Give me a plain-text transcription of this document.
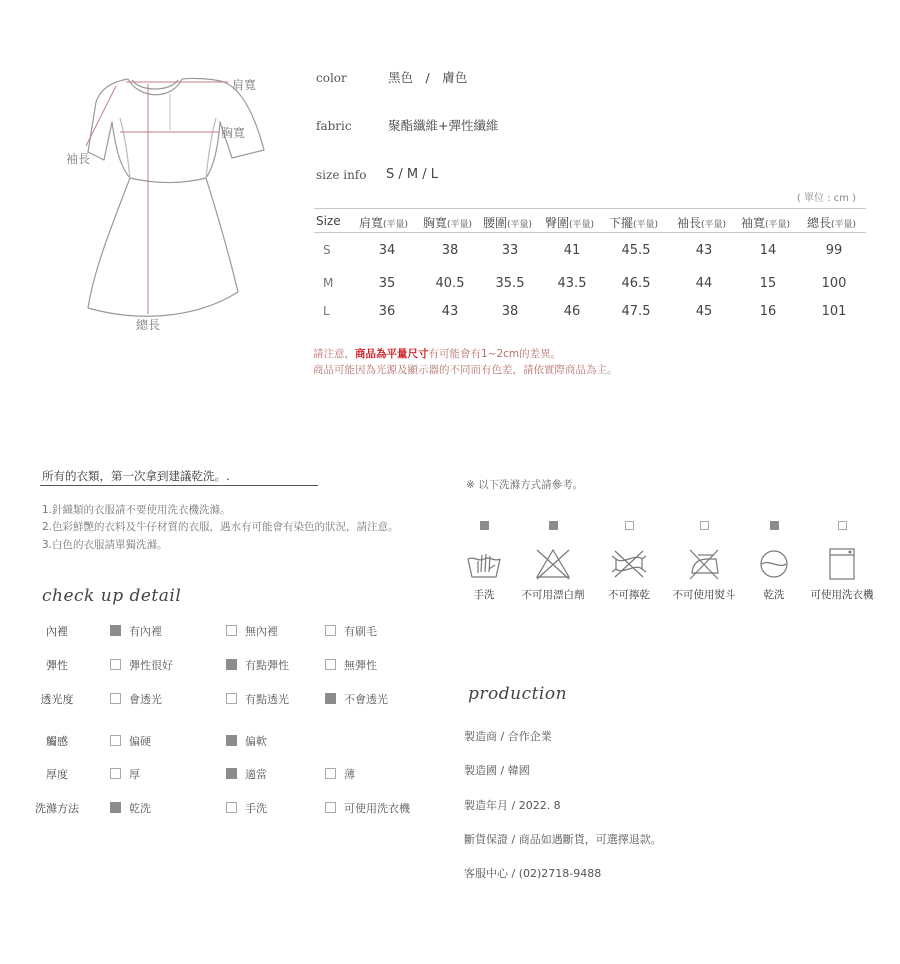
肩寬
胸寬
袖長
總長
color	黑色　/　膚色
fabric	聚酯纖維+彈性纖維
size info S / M / L
( 單位 : cm )
Size 肩寬(平量) 胸寬(平量) 腰圍(平量) 臀圍(平量) 下擺(平量) 袖長(平量) 袖寬(平量) 總長(平量)
S	34	38	33	41	45.5	43	14	99
M	35	40.5	35.5	43.5	46.5	44	15	100
L	36	43	38	46	47.5	45	16	101
請注意，商品為平量尺寸有可能會有1~2cm的差異。
商品可能因為光源及顯示器的不同而有色差，請依實際商品為主。
所有的衣類，第一次拿到建議乾洗。.
1.針織類的衣服請不要使用洗衣機洗滌。
2.色彩鮮艷的衣料及牛仔材質的衣服，遇水有可能會有染色的狀況，請注意。
3.白色的衣服請單獨洗滌。
check up detail
內裡	有內裡	無內裡	有刷毛
彈性	彈性很好	有點彈性	無彈性
透光度	會透光	有點透光	不會透光
觸感	偏硬	偏軟
厚度	厚	適當	薄
洗滌方法	乾洗	手洗	可使用洗衣機
※ 以下洗滌方式請參考。
手洗	不可用漂白劑	不可擰乾	不可使用熨斗	乾洗	可使用洗衣機
production
製造商 / 合作企業
製造國 / 韓國
製造年月 / 2022. 8
斷貨保證 / 商品如遇斷貨，可選擇退款。
客服中心 / (02)2718-9488
